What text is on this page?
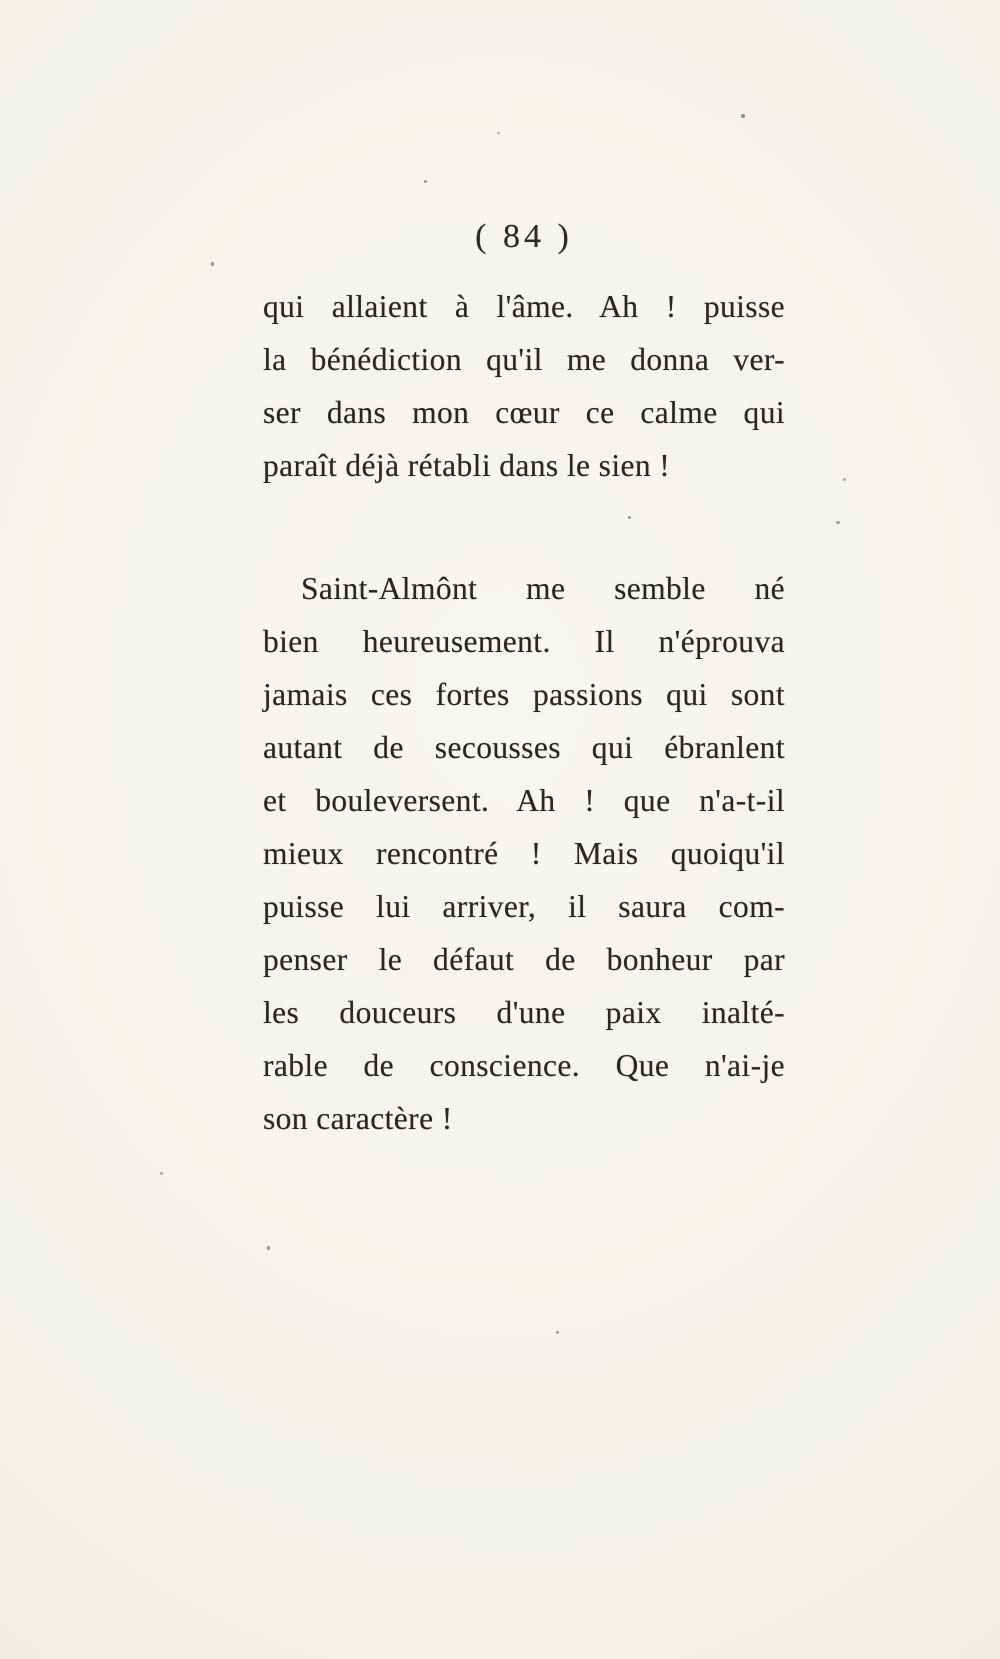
( 84 )

qui allaient à l'âme. Ah ! puisse
la bénédiction qu'il me donna ver-
ser dans mon cœur ce calme qui
paraît déjà rétabli dans le sien !

Saint-Almônt me semble né
bien heureusement. Il n'éprouva
jamais ces fortes passions qui sont
autant de secousses qui ébranlent
et bouleversent. Ah ! que n'a-t-il
mieux rencontré ! Mais quoiqu'il
puisse lui arriver, il saura com-
penser le défaut de bonheur par
les douceurs d'une paix inalté-
rable de conscience. Que n'ai-je
son caractère !
